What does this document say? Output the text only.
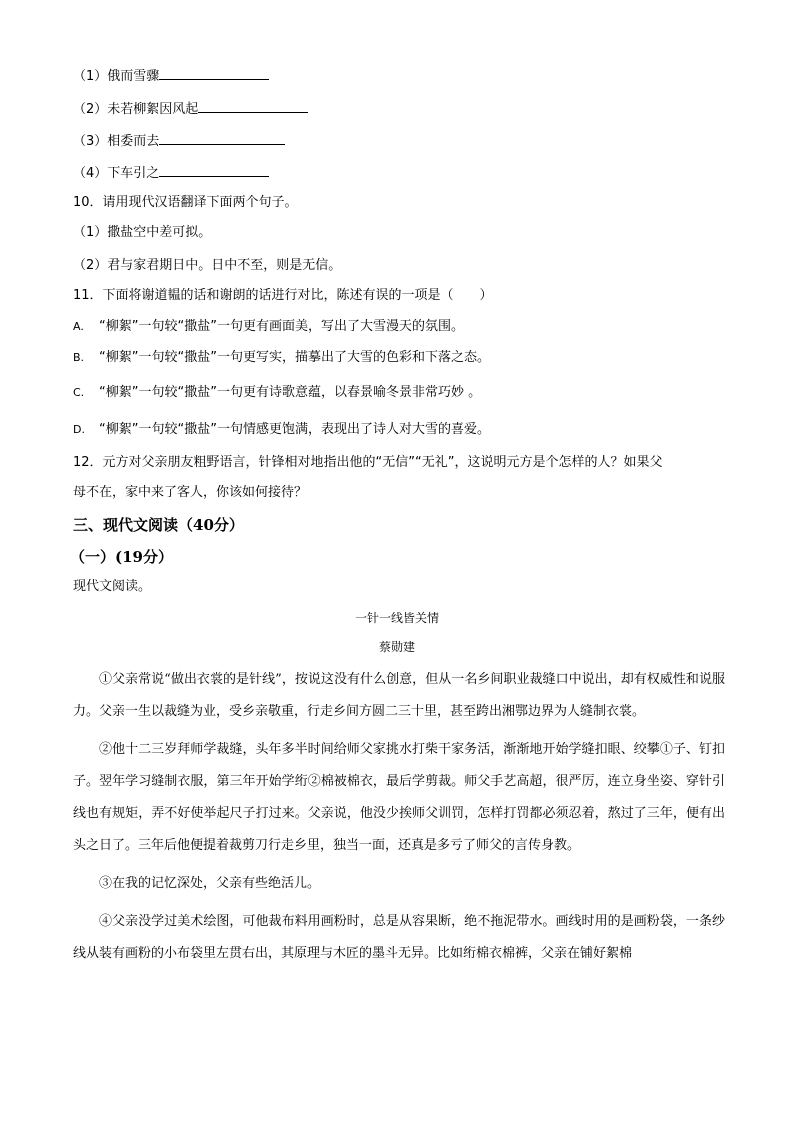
（1）俄而雪骤
（2）未若柳絮因风起
（3）相委而去
（4）下车引之
10．请用现代汉语翻译下面两个句子。
（1）撒盐空中差可拟。
（2）君与家君期日中。日中不至，则是无信。
11．下面将谢道韫的话和谢朗的话进行对比，陈述有误的一项是（　　）
A. “柳絮”一句较“撒盐”一句更有画面美，写出了大雪漫天的氛围。
B. “柳絮”一句较“撒盐”一句更写实，描摹出了大雪的色彩和下落之态。
C. “柳絮”一句较“撒盐”一句更有诗歌意蕴，以春景喻冬景非常巧妙 。
D. “柳絮”一句较“撒盐”一句情感更饱满，表现出了诗人对大雪的喜爱。
12．元方对父亲朋友粗野语言，针锋相对地指出他的“无信”“无礼”，这说明元方是个怎样的人？如果父
母不在，家中来了客人，你该如何接待？
三、现代文阅读（40分）
（一）(19分）
现代文阅读。
一针一线皆关情
蔡勋建

①父亲常说“做出衣裳的是针线”，按说这没有什么创意，但从一名乡间职业裁缝口中说出，却有权威性和说服力。父亲一生以裁缝为业，受乡亲敬重，行走乡间方圆二三十里，甚至跨出湘鄂边界为人缝制衣裳。

②他十二三岁拜师学裁缝，头年多半时间给师父家挑水打柴干家务活，渐渐地开始学缝扣眼、绞攀①子、钉扣子。翌年学习缝制衣服，第三年开始学绗②棉被棉衣，最后学剪裁。师父手艺高超，很严厉，连立身坐姿、穿针引线也有规矩，弄不好使举起尺子打过来。父亲说，他没少挨师父训罚，怎样打罚都必须忍着，熬过了三年，便有出头之日了。三年后他便提着裁剪刀行走乡里，独当一面，还真是多亏了师父的言传身教。

③在我的记忆深处，父亲有些绝活儿。

④父亲没学过美术绘图，可他裁布料用画粉时，总是从容果断，绝不拖泥带水。画线时用的是画粉袋，一条纱线从装有画粉的小布袋里左贯右出，其原理与木匠的墨斗无异。比如绗棉衣棉裤，父亲在铺好絮棉
